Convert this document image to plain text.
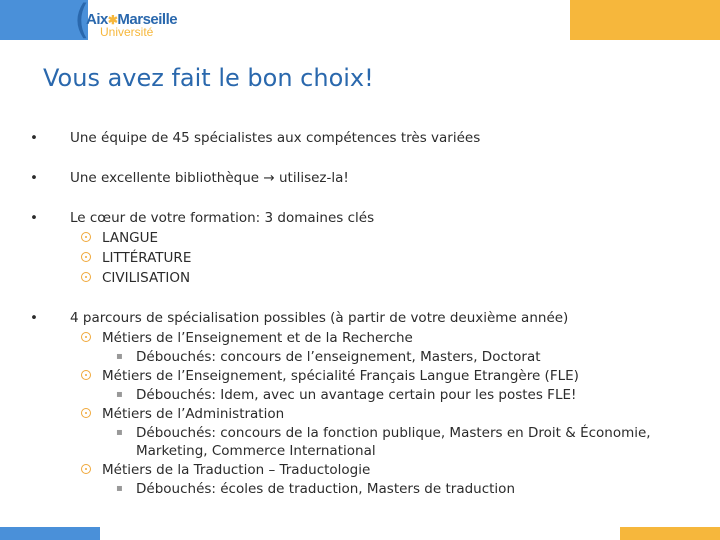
(
Aix✱Marseille
Université
Vous avez fait le bon choix!
• Une équipe de 45 spécialistes aux compétences très variées
• Une excellente bibliothèque → utilisez-la!
• Le cœur de votre formation: 3 domaines clés
LANGUE
LITTÉRATURE
CIVILISATION
• 4 parcours de spécialisation possibles (à partir de votre deuxième année)
Métiers de l’Enseignement et de la Recherche
▪ Débouchés: concours de l’enseignement, Masters, Doctorat
Métiers de l’Enseignement, spécialité Français Langue Etrangère (FLE)
▪ Débouchés: Idem, avec un avantage certain pour les postes FLE!
Métiers de l’Administration
▪ Débouchés: concours de la fonction publique, Masters en Droit & Économie, Marketing, Commerce International
Métiers de la Traduction – Traductologie
▪ Débouchés: écoles de traduction, Masters de traduction
